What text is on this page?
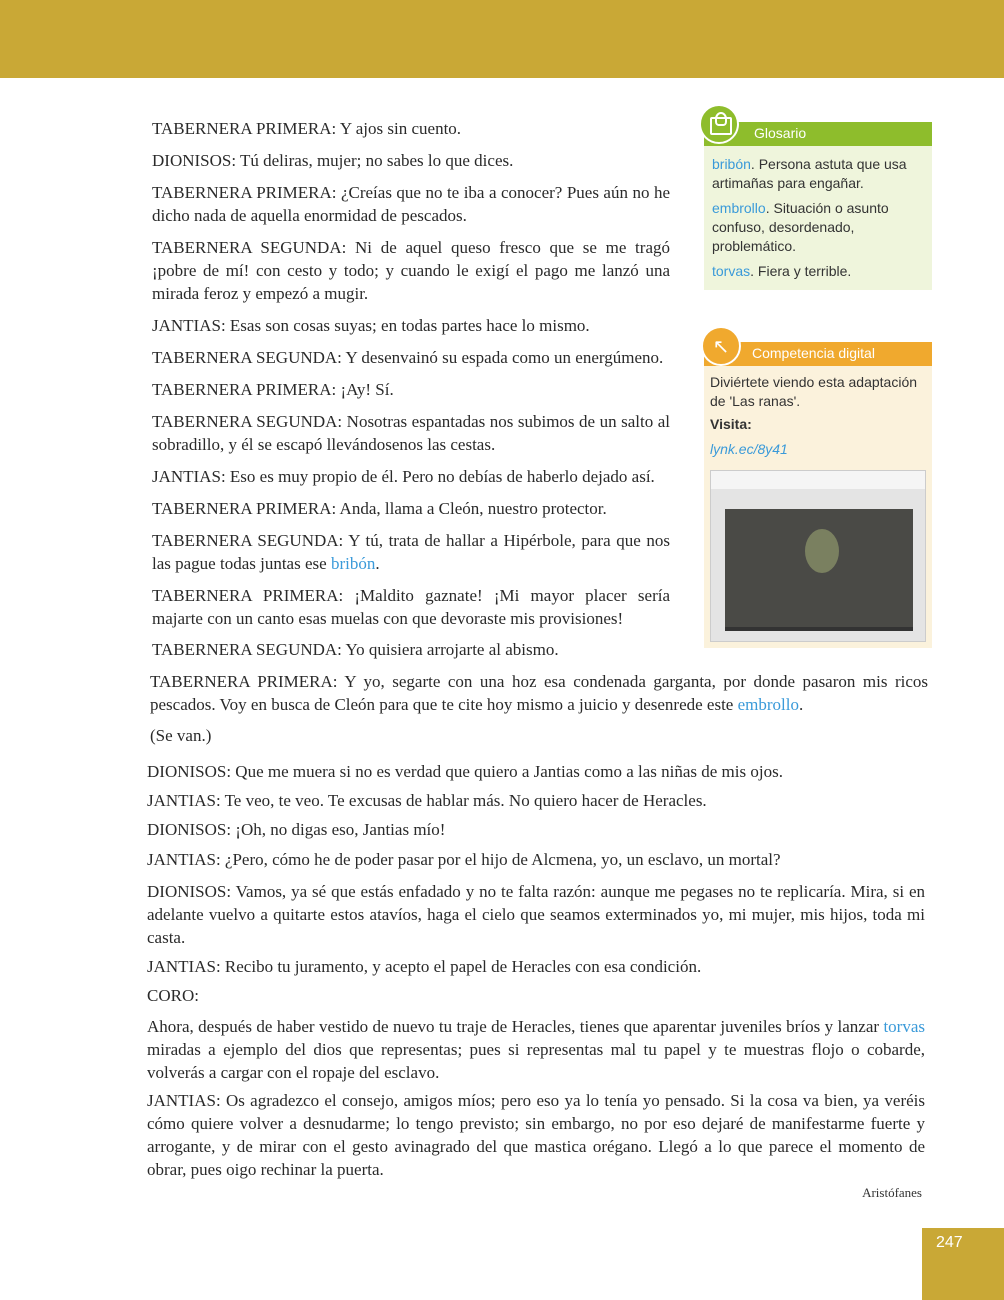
TABERNERA PRIMERA: Y ajos sin cuento.

DIONISOS: Tú deliras, mujer; no sabes lo que dices.

TABERNERA PRIMERA: ¿Creías que no te iba a conocer? Pues aún no he dicho nada de aquella enormidad de pescados.

TABERNERA SEGUNDA: Ni de aquel queso fresco que se me tragó ¡pobre de mí! con cesto y todo; y cuando le exigí el pago me lanzó una mirada feroz y empezó a mugir.

JANTIAS: Esas son cosas suyas; en todas partes hace lo mismo.

TABERNERA SEGUNDA: Y desenvainó su espada como un energúmeno.

TABERNERA PRIMERA: ¡Ay! Sí.

TABERNERA SEGUNDA: Nosotras espantadas nos subimos de un salto al sobradillo, y él se escapó llevándosenos las cestas.

JANTIAS: Eso es muy propio de él. Pero no debías de haberlo dejado así.

TABERNERA PRIMERA: Anda, llama a Cleón, nuestro protector.

TABERNERA SEGUNDA: Y tú, trata de hallar a Hipérbole, para que nos las pague todas juntas ese bribón.

TABERNERA PRIMERA: ¡Maldito gaznate! ¡Mi mayor placer sería majarte con un canto esas muelas con que devoraste mis provisiones!

TABERNERA SEGUNDA: Yo quisiera arrojarte al abismo.

TABERNERA PRIMERA: Y yo, segarte con una hoz esa condenada garganta, por donde pasaron mis ricos pescados. Voy en busca de Cleón para que te cite hoy mismo a juicio y desenrede este embrollo.

(Se van.)

DIONISOS: Que me muera si no es verdad que quiero a Jantias como a las niñas de mis ojos.

JANTIAS: Te veo, te veo. Te excusas de hablar más. No quiero hacer de Heracles.

DIONISOS: ¡Oh, no digas eso, Jantias mío!

JANTIAS: ¿Pero, cómo he de poder pasar por el hijo de Alcmena, yo, un esclavo, un mortal?

DIONISOS: Vamos, ya sé que estás enfadado y no te falta razón: aunque me pegases no te replicaría. Mira, si en adelante vuelvo a quitarte estos atavíos, haga el cielo que seamos exterminados yo, mi mujer, mis hijos, toda mi casta.

JANTIAS: Recibo tu juramento, y acepto el papel de Heracles con esa condición.

CORO:

Ahora, después de haber vestido de nuevo tu traje de Heracles, tienes que aparentar juveniles bríos y lanzar torvas miradas a ejemplo del dios que representas; pues si representas mal tu papel y te muestras flojo o cobarde, volverás a cargar con el ropaje del esclavo.

JANTIAS: Os agradezco el consejo, amigos míos; pero eso ya lo tenía yo pensado. Si la cosa va bien, ya veréis cómo quiere volver a desnudarme; lo tengo previsto; sin embargo, no por eso dejaré de manifestarme fuerte y arrogante, y de mirar con el gesto avinagrado del que mastica orégano. Llegó a lo que parece el momento de obrar, pues oigo rechinar la puerta.

Aristófanes
Glosario
bribón. Persona astuta que usa artimañas para engañar.
embrollo. Situación o asunto confuso, desordenado, problemático.
torvas. Fiera y terrible.
Competencia digital
↖
Diviértete viendo esta adaptación de 'Las ranas'.
Visita:
lynk.ec/8y41
247
